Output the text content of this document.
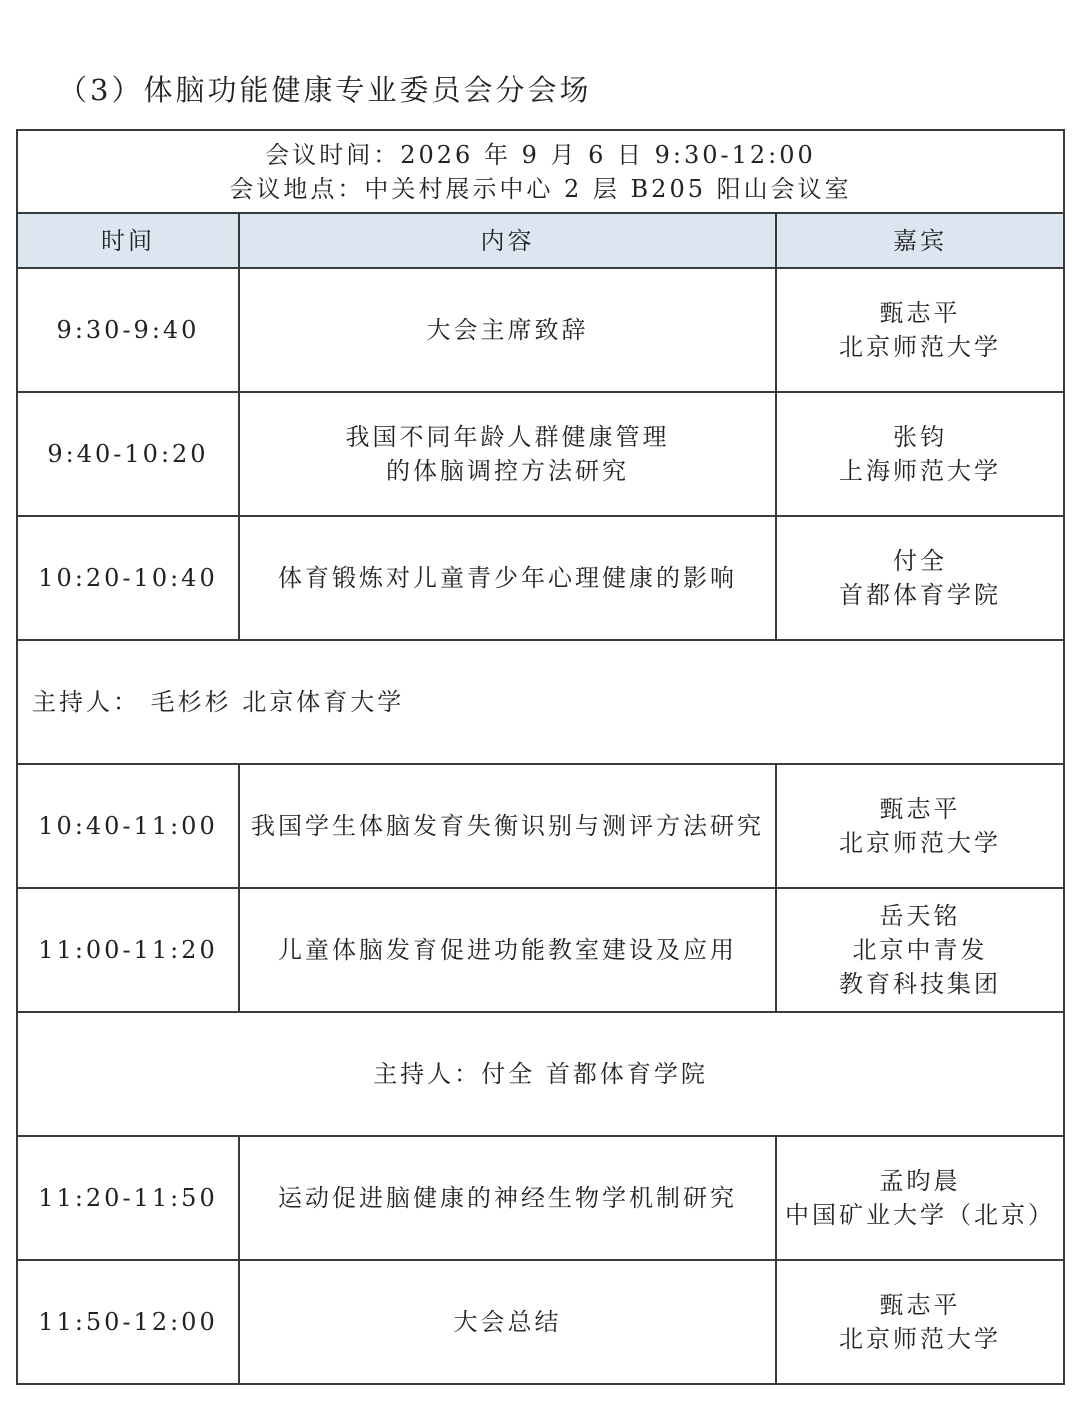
（3）体脑功能健康专业委员会分会场
会议时间：2026 年 9 月 6 日 9:30-12:00
会议地点：中关村展示中心 2 层 B205 阳山会议室		

时间	内容	嘉宾
9:30-9:40	大会主席致辞	甄志平
北京师范大学

9:40-10:20	我国不同年龄人群健康管理
的体脑调控方法研究	张钧
上海师范大学

10:20-10:40	体育锻炼对儿童青少年心理健康的影响	付全
首都体育学院

主持人： 毛杉杉 北京体育大学		
10:40-11:00	我国学生体脑发育失衡识别与测评方法研究	甄志平
北京师范大学

11:00-11:20	儿童体脑发育促进功能教室建设及应用	岳天铭
北京中青发
教育科技集团

主持人：付全 首都体育学院		
11:20-11:50	运动促进脑健康的神经生物学机制研究	孟昀晨
中国矿业大学（北京）

11:50-12:00	大会总结	甄志平
北京师范大学
